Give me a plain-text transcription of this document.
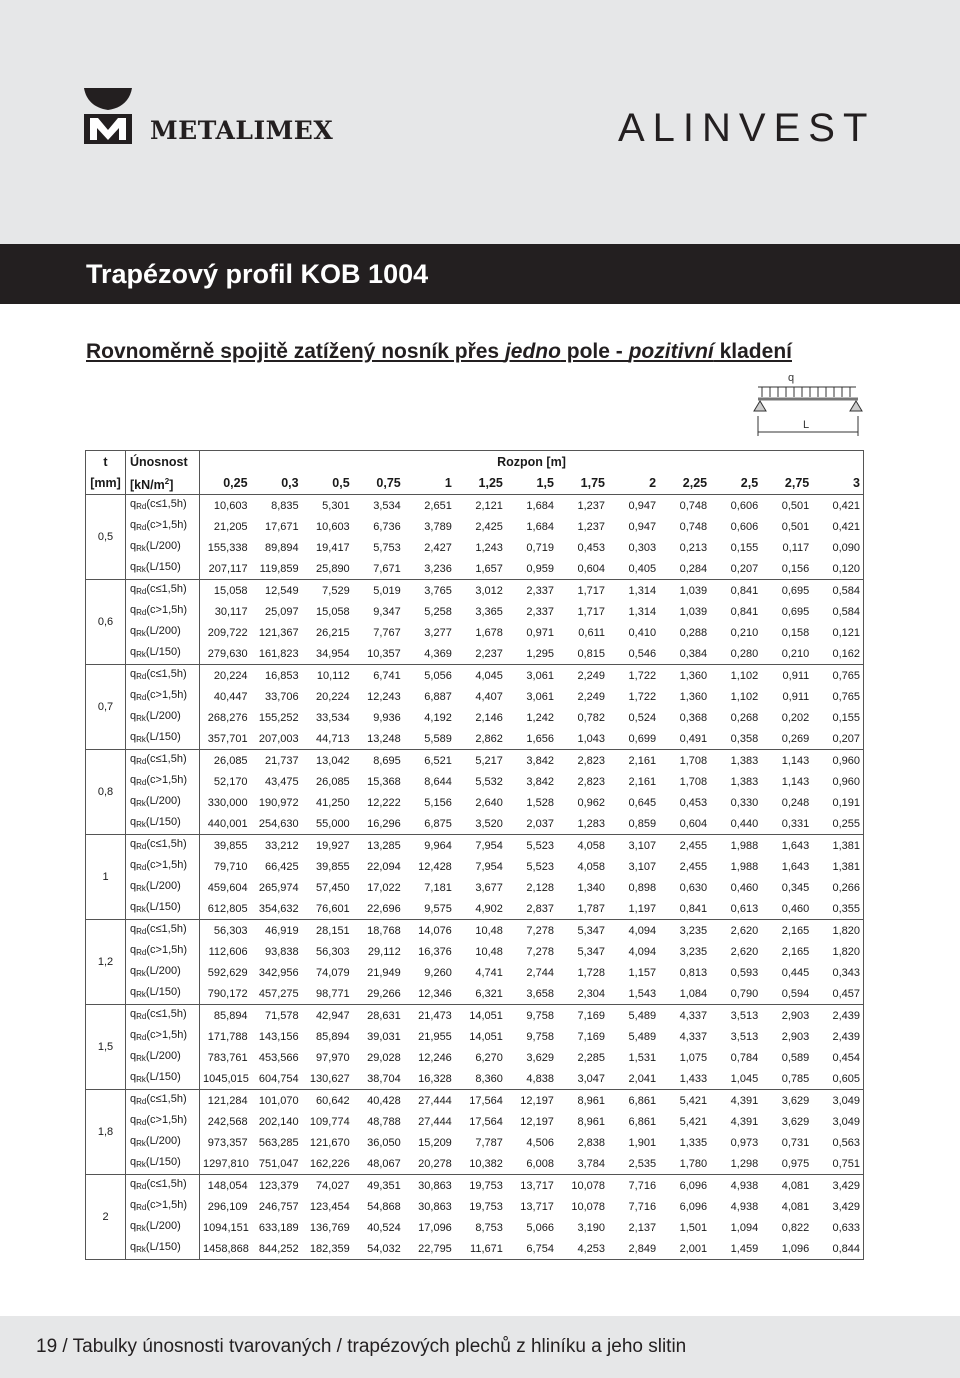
METALIMEX	ALINVEST
Trapézový profil KOB 1004
Rovnoměrně spojitě zatížený nosník přes jedno pole - pozitivní kladení
q
L
t	Únosnost	Rozpon [m]												
[mm]	$[kN/m^2]$	0,25	0,3	0,5	0,75	1	1,25	1,5	1,75	2	2,25	2,5	2,75	3
0,5	$q_{Rd}(c\le 1,5h)$	10,603	8,835	5,301	3,534	2,651	2,121	1,684	1,237	0,947	0,748	0,606	0,501	0,421
	$q_{Rd}(c>1,5h)$	21,205	17,671	10,603	6,736	3,789	2,425	1,684	1,237	0,947	0,748	0,606	0,501	0,421
	$q_{Rk}(L/200)$	155,338	89,894	19,417	5,753	2,427	1,243	0,719	0,453	0,303	0,213	0,155	0,117	0,090
	$q_{Rk}(L/150)$	207,117	119,859	25,890	7,671	3,236	1,657	0,959	0,604	0,405	0,284	0,207	0,156	0,120
0,6	$q_{Rd}(c\le 1,5h)$	15,058	12,549	7,529	5,019	3,765	3,012	2,337	1,717	1,314	1,039	0,841	0,695	0,584
	$q_{Rd}(c>1,5h)$	30,117	25,097	15,058	9,347	5,258	3,365	2,337	1,717	1,314	1,039	0,841	0,695	0,584
	$q_{Rk}(L/200)$	209,722	121,367	26,215	7,767	3,277	1,678	0,971	0,611	0,410	0,288	0,210	0,158	0,121
	$q_{Rk}(L/150)$	279,630	161,823	34,954	10,357	4,369	2,237	1,295	0,815	0,546	0,384	0,280	0,210	0,162
0,7	$q_{Rd}(c\le 1,5h)$	20,224	16,853	10,112	6,741	5,056	4,045	3,061	2,249	1,722	1,360	1,102	0,911	0,765
	$q_{Rd}(c>1,5h)$	40,447	33,706	20,224	12,243	6,887	4,407	3,061	2,249	1,722	1,360	1,102	0,911	0,765
	$q_{Rk}(L/200)$	268,276	155,252	33,534	9,936	4,192	2,146	1,242	0,782	0,524	0,368	0,268	0,202	0,155
	$q_{Rk}(L/150)$	357,701	207,003	44,713	13,248	5,589	2,862	1,656	1,043	0,699	0,491	0,358	0,269	0,207
0,8	$q_{Rd}(c\le 1,5h)$	26,085	21,737	13,042	8,695	6,521	5,217	3,842	2,823	2,161	1,708	1,383	1,143	0,960
	$q_{Rd}(c>1,5h)$	52,170	43,475	26,085	15,368	8,644	5,532	3,842	2,823	2,161	1,708	1,383	1,143	0,960
	$q_{Rk}(L/200)$	330,000	190,972	41,250	12,222	5,156	2,640	1,528	0,962	0,645	0,453	0,330	0,248	0,191
	$q_{Rk}(L/150)$	440,001	254,630	55,000	16,296	6,875	3,520	2,037	1,283	0,859	0,604	0,440	0,331	0,255
1	$q_{Rd}(c\le 1,5h)$	39,855	33,212	19,927	13,285	9,964	7,954	5,523	4,058	3,107	2,455	1,988	1,643	1,381
	$q_{Rd}(c>1,5h)$	79,710	66,425	39,855	22,094	12,428	7,954	5,523	4,058	3,107	2,455	1,988	1,643	1,381
	$q_{Rk}(L/200)$	459,604	265,974	57,450	17,022	7,181	3,677	2,128	1,340	0,898	0,630	0,460	0,345	0,266
	$q_{Rk}(L/150)$	612,805	354,632	76,601	22,696	9,575	4,902	2,837	1,787	1,197	0,841	0,613	0,460	0,355
1,2	$q_{Rd}(c\le 1,5h)$	56,303	46,919	28,151	18,768	14,076	10,48	7,278	5,347	4,094	3,235	2,620	2,165	1,820
	$q_{Rd}(c>1,5h)$	112,606	93,838	56,303	29,112	16,376	10,48	7,278	5,347	4,094	3,235	2,620	2,165	1,820
	$q_{Rk}(L/200)$	592,629	342,956	74,079	21,949	9,260	4,741	2,744	1,728	1,157	0,813	0,593	0,445	0,343
	$q_{Rk}(L/150)$	790,172	457,275	98,771	29,266	12,346	6,321	3,658	2,304	1,543	1,084	0,790	0,594	0,457
1,5	$q_{Rd}(c\le 1,5h)$	85,894	71,578	42,947	28,631	21,473	14,051	9,758	7,169	5,489	4,337	3,513	2,903	2,439
	$q_{Rd}(c>1,5h)$	171,788	143,156	85,894	39,031	21,955	14,051	9,758	7,169	5,489	4,337	3,513	2,903	2,439
	$q_{Rk}(L/200)$	783,761	453,566	97,970	29,028	12,246	6,270	3,629	2,285	1,531	1,075	0,784	0,589	0,454
	$q_{Rk}(L/150)$	1045,015	604,754	130,627	38,704	16,328	8,360	4,838	3,047	2,041	1,433	1,045	0,785	0,605
1,8	$q_{Rd}(c\le 1,5h)$	121,284	101,070	60,642	40,428	27,444	17,564	12,197	8,961	6,861	5,421	4,391	3,629	3,049
	$q_{Rd}(c>1,5h)$	242,568	202,140	109,774	48,788	27,444	17,564	12,197	8,961	6,861	5,421	4,391	3,629	3,049
	$q_{Rk}(L/200)$	973,357	563,285	121,670	36,050	15,209	7,787	4,506	2,838	1,901	1,335	0,973	0,731	0,563
	$q_{Rk}(L/150)$	1297,810	751,047	162,226	48,067	20,278	10,382	6,008	3,784	2,535	1,780	1,298	0,975	0,751
2	$q_{Rd}(c\le 1,5h)$	148,054	123,379	74,027	49,351	30,863	19,753	13,717	10,078	7,716	6,096	4,938	4,081	3,429
	$q_{Rd}(c>1,5h)$	296,109	246,757	123,454	54,868	30,863	19,753	13,717	10,078	7,716	6,096	4,938	4,081	3,429
	$q_{Rk}(L/200)$	1094,151	633,189	136,769	40,524	17,096	8,753	5,066	3,190	2,137	1,501	1,094	0,822	0,633
	$q_{Rk}(L/150)$	1458,868	844,252	182,359	54,032	22,795	11,671	6,754	4,253	2,849	2,001	1,459	1,096	0,844
19 / Tabulky únosnosti tvarovaných / trapézových plechů z hliníku a jeho slitin
